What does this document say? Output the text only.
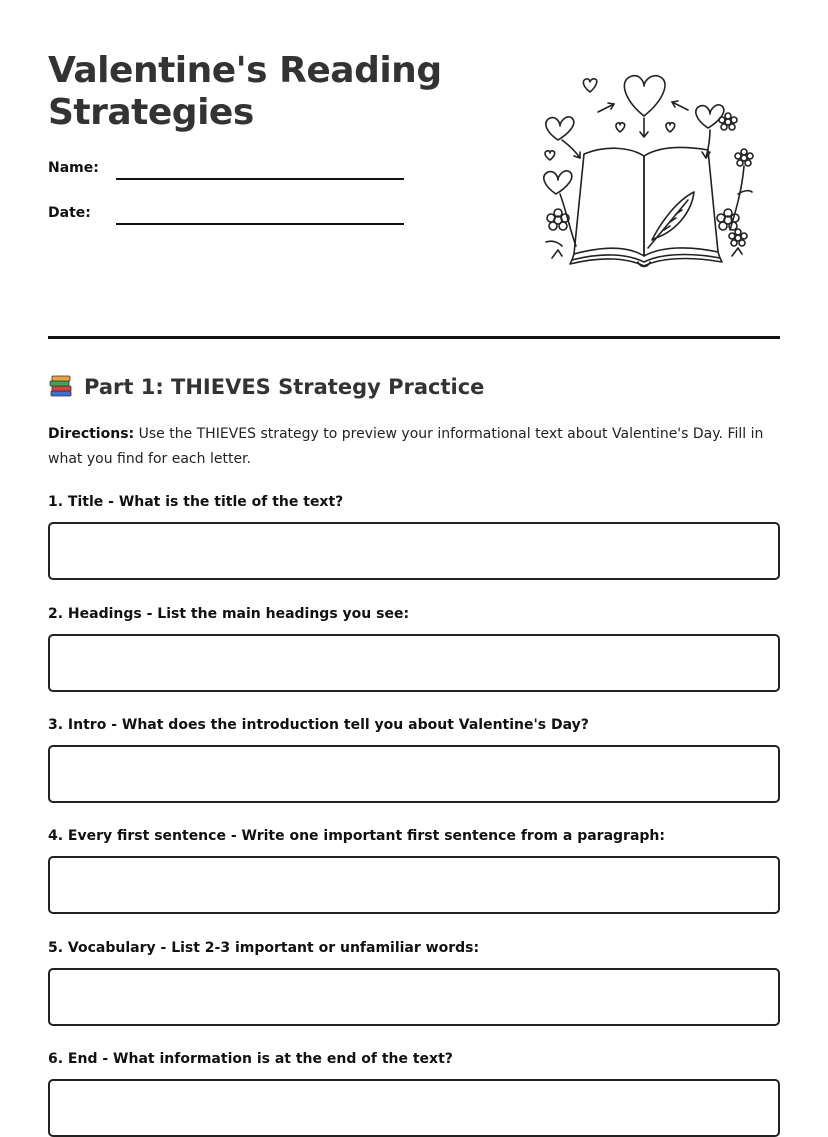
Valentine's Reading Strategies
Name:
Date:
Part 1: THIEVES Strategy Practice

Directions: Use the THIEVES strategy to preview your informational text about Valentine's Day. Fill in what you find for each letter.

1. Title - What is the title of the text?

2. Headings - List the main headings you see:

3. Intro - What does the introduction tell you about Valentine's Day?

4. Every first sentence - Write one important first sentence from a paragraph:

5. Vocabulary - List 2-3 important or unfamiliar words:

6. End - What information is at the end of the text?
